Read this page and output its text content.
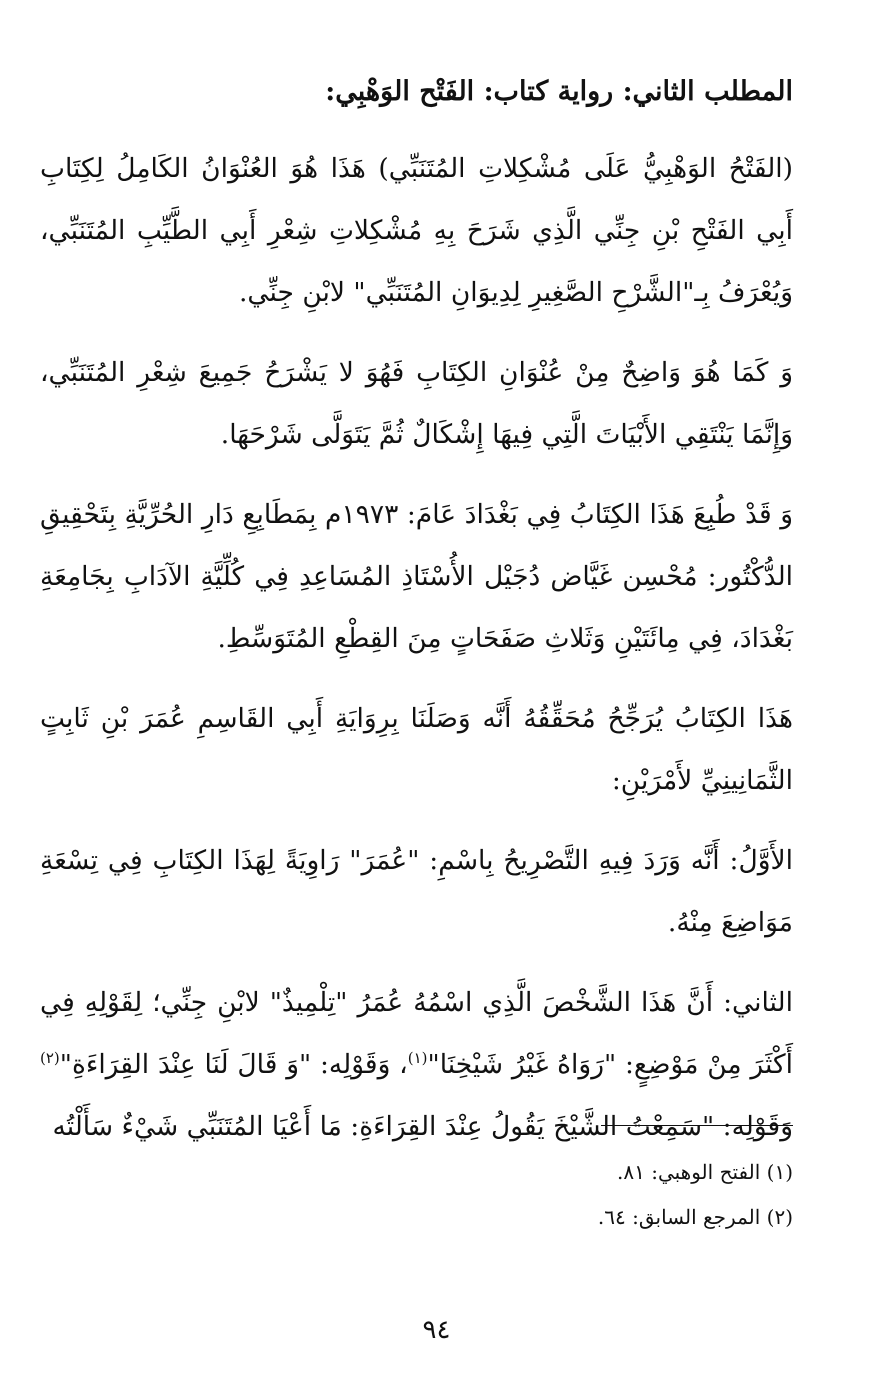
المطلب الثاني: رواية كتاب: الفَتْح الوَهْبِي:

(الفَتْحُ الوَهْبِيُّ عَلَى مُشْكِلاتِ المُتَنَبِّي) هَذَا هُوَ العُنْوَانُ الكَامِلُ لِكِتَابِ أَبِي الفَتْحِ بْنِ جِنِّي الَّذِي شَرَحَ بِهِ مُشْكِلاتِ شِعْرِ أَبِي الطَّيِّبِ المُتَنَبِّي، وَيُعْرَفُ بِـ"الشَّرْحِ الصَّغِيرِ لِدِيوَانِ المُتَنَبِّي" لابْنِ جِنِّي.

وَ كَمَا هُوَ وَاضِحٌ مِنْ عُنْوَانِ الكِتَابِ فَهُوَ لا يَشْرَحُ جَمِيعَ شِعْرِ المُتَنَبِّي، وَإِنَّمَا يَنْتَقِي الأَبْيَاتَ الَّتِي فِيهَا إِشْكَالٌ ثُمَّ يَتَوَلَّى شَرْحَهَا.

وَ قَدْ طُبِعَ هَذَا الكِتَابُ فِي بَغْدَادَ عَامَ: ١٩٧٣م بِمَطَابِعِ دَارِ الحُرِّيَّةِ بِتَحْقِيقِ الدُّكْتُور: مُحْسِن غَيَّاض دُجَيْل الأُسْتَاذِ المُسَاعِدِ فِي كُلِّيَّةِ الآدَابِ بِجَامِعَةِ بَغْدَادَ، فِي مِائَتَيْنِ وَثَلاثِ صَفَحَاتٍ مِنَ القِطْعِ المُتَوَسِّطِ.

هَذَا الكِتَابُ يُرَجِّحُ مُحَقِّقُهُ أَنَّه وَصَلَنَا بِرِوَايَةِ أَبِي القَاسِمِ عُمَرَ بْنِ ثَابِتٍ الثَّمَانِينِيِّ لأَمْرَيْنِ:

الأَوَّلُ: أَنَّه وَرَدَ فِيهِ التَّصْرِيحُ بِاسْمِ: "عُمَرَ" رَاوِيَةً لِهَذَا الكِتَابِ فِي تِسْعَةِ مَوَاضِعَ مِنْهُ.

الثاني: أَنَّ هَذَا الشَّخْصَ الَّذِي اسْمُهُ عُمَرُ "تِلْمِيذٌ" لابْنِ جِنِّي؛ لِقَوْلِهِ فِي أَكْثَرَ مِنْ مَوْضِعٍ: "رَوَاهُ غَيْرُ شَيْخِنَا"$^{(١)}$، وَقَوْلِه: "وَ قَالَ لَنَا عِنْدَ القِرَاءَةِ"$^{(٢)}$ وَقَوْلِه: "سَمِعْتُ الشَّيْخَ يَقُولُ عِنْدَ القِرَاءَةِ: مَا أَعْيَا المُتَنَبِّي شَيْءٌ سَأَلْتُه

(١) الفتح الوهبي: ٨١.
(٢) المرجع السابق: ٦٤.
٩٤
